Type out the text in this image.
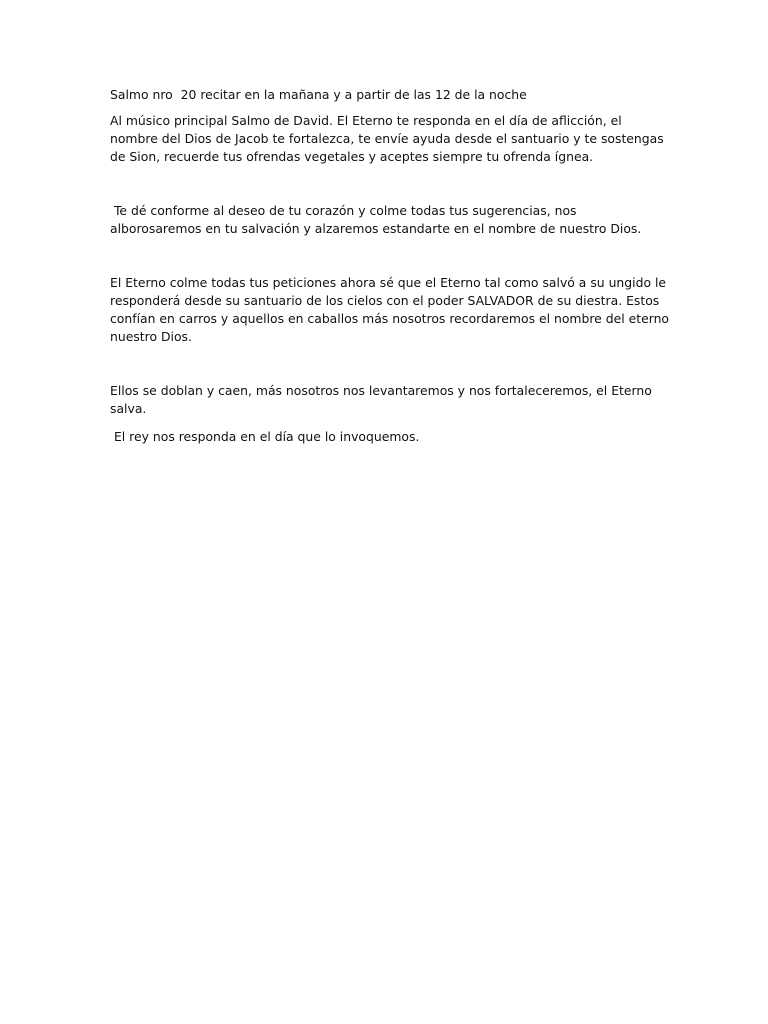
Salmo nro  20 recitar en la mañana y a partir de las 12 de la noche

Al músico principal Salmo de David. El Eterno te responda en el día de aflicción, el nombre del Dios de Jacob te fortalezca, te envíe ayuda desde el santuario y te sostengas de Sion, recuerde tus ofrendas vegetales y aceptes siempre tu ofrenda ígnea.

Te dé conforme al deseo de tu corazón y colme todas tus sugerencias, nos alborosaremos en tu salvación y alzaremos estandarte en el nombre de nuestro Dios.

El Eterno colme todas tus peticiones ahora sé que el Eterno tal como salvó a su ungido le responderá desde su santuario de los cielos con el poder SALVADOR de su diestra. Estos confían en carros y aquellos en caballos más nosotros recordaremos el nombre del eterno nuestro Dios.

Ellos se doblan y caen, más nosotros nos levantaremos y nos fortaleceremos, el Eterno salva.

El rey nos responda en el día que lo invoquemos.
